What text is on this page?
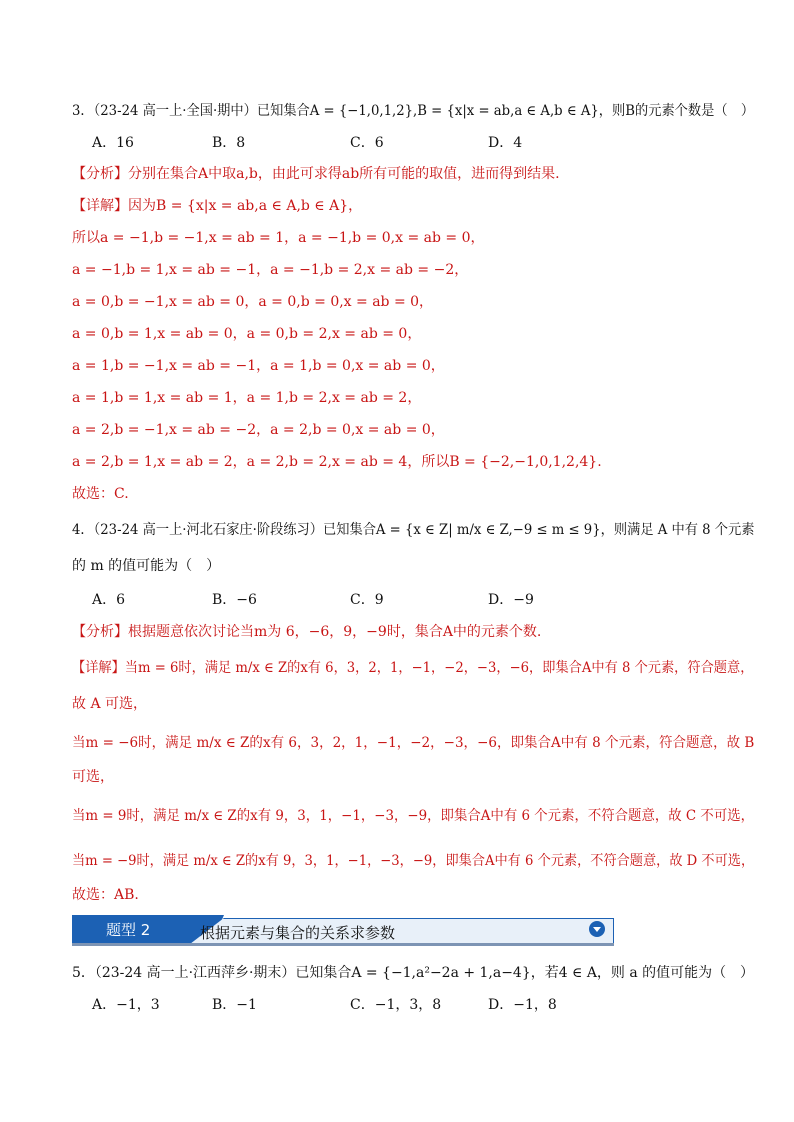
3．（23-24 高一上·全国·期中）已知集合A = {−1,0,1,2},B = {x|x = ab,a ∈ A,b ∈ A}，则B的元素个数是（　）
A．16	B．8	C．6	D．4
【分析】分别在集合A中取a,b，由此可求得ab所有可能的取值，进而得到结果.
【详解】因为B = {x|x = ab,a ∈ A,b ∈ A}，
所以a = −1,b = −1,x = ab = 1，a = −1,b = 0,x = ab = 0，
a = −1,b = 1,x = ab = −1，a = −1,b = 2,x = ab = −2，
a = 0,b = −1,x = ab = 0，a = 0,b = 0,x = ab = 0，
a = 0,b = 1,x = ab = 0，a = 0,b = 2,x = ab = 0，
a = 1,b = −1,x = ab = −1，a = 1,b = 0,x = ab = 0，
a = 1,b = 1,x = ab = 1，a = 1,b = 2,x = ab = 2，
a = 2,b = −1,x = ab = −2，a = 2,b = 0,x = ab = 0，
a = 2,b = 1,x = ab = 2，a = 2,b = 2,x = ab = 4，所以B = {−2,−1,0,1,2,4}.
故选：C.
4．（23-24 高一上·河北石家庄·阶段练习）已知集合A = {x ∈ Z| m/x ∈ Z,−9 ≤ m ≤ 9}，则满足 A 中有 8 个元素
的 m 的值可能为（　）
A．6	B．−6	C．9	D．−9
【分析】根据题意依次讨论当m为 6，−6，9，−9时，集合A中的元素个数.
【详解】当m = 6时，满足 m/x ∈ Z的x有 6，3，2，1，−1，−2，−3，−6，即集合A中有 8 个元素，符合题意，
故 A 可选，
当m = −6时，满足 m/x ∈ Z的x有 6，3，2，1，−1，−2，−3，−6，即集合A中有 8 个元素，符合题意，故 B
可选，
当m = 9时，满足 m/x ∈ Z的x有 9，3，1，−1，−3，−9，即集合A中有 6 个元素，不符合题意，故 C 不可选，
当m = −9时，满足 m/x ∈ Z的x有 9，3，1，−1，−3，−9，即集合A中有 6 个元素，不符合题意，故 D 不可选，
故选：AB.
题型 2	根据元素与集合的关系求参数
5．（23-24 高一上·江西萍乡·期末）已知集合A = {−1,a²−2a + 1,a−4}，若4 ∈ A，则 a 的值可能为（　）
A．−1，3	B．−1	C．−1，3，8	D．−1，8
